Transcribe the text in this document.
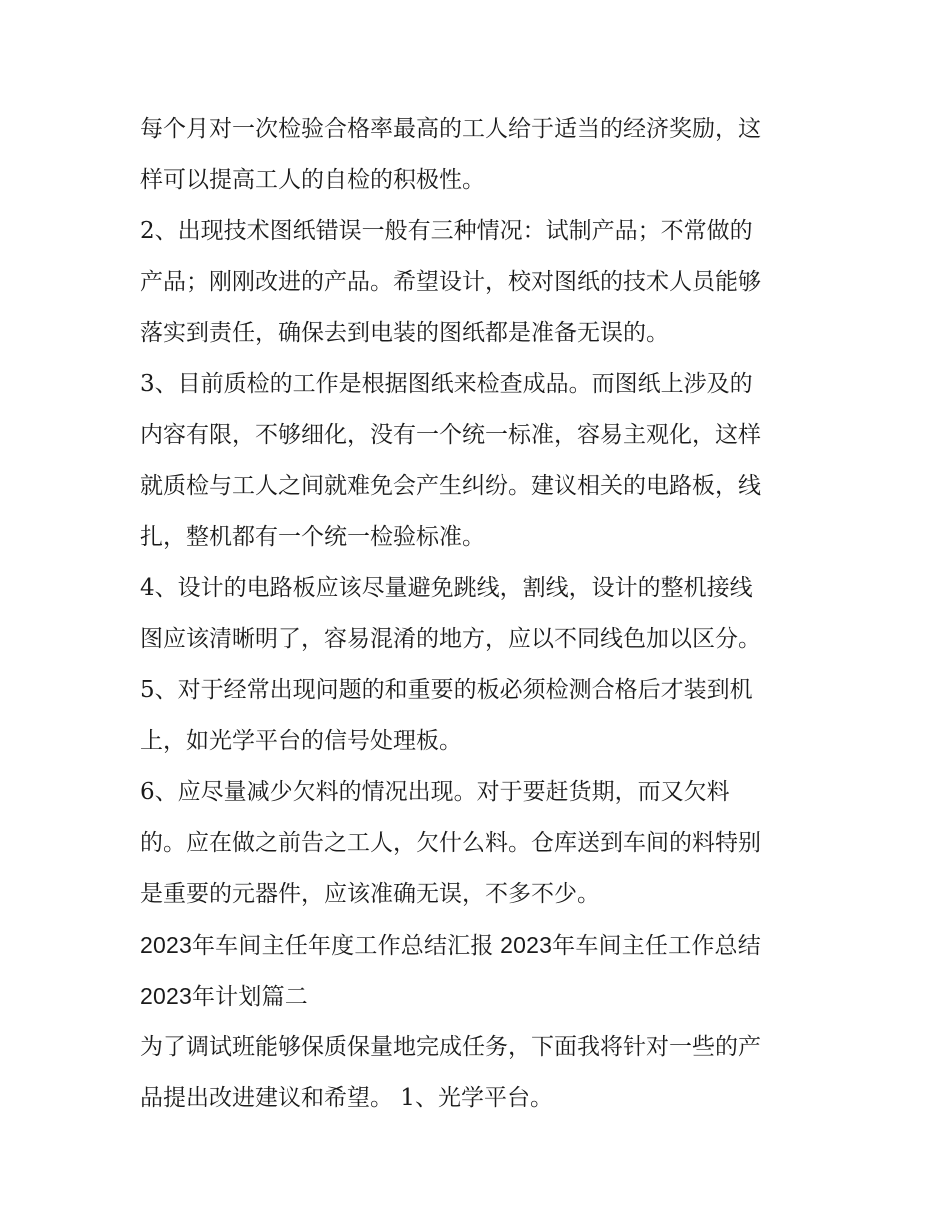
每个月对一次检验合格率最高的工人给于适当的经济奖励，这
样可以提高工人的自检的积极性。
2、出现技术图纸错误一般有三种情况：试制产品；不常做的
产品；刚刚改进的产品。希望设计，校对图纸的技术人员能够
落实到责任，确保去到电装的图纸都是准备无误的。
3、目前质检的工作是根据图纸来检查成品。而图纸上涉及的
内容有限，不够细化，没有一个统一标准，容易主观化，这样
就质检与工人之间就难免会产生纠纷。建议相关的电路板，线
扎，整机都有一个统一检验标准。
4、设计的电路板应该尽量避免跳线，割线，设计的整机接线
图应该清晰明了，容易混淆的地方，应以不同线色加以区分。
5、对于经常出现问题的和重要的板必须检测合格后才装到机
上，如光学平台的信号处理板。
6、应尽量减少欠料的情况出现。对于要赶货期，而又欠料
的。应在做之前告之工人，欠什么料。仓库送到车间的料特别
是重要的元器件，应该准确无误，不多不少。
2023年车间主任年度工作总结汇报 2023年车间主任工作总结
2023年计划篇二
为了调试班能够保质保量地完成任务，下面我将针对一些的产
品提出改进建议和希望。 1、光学平台。
